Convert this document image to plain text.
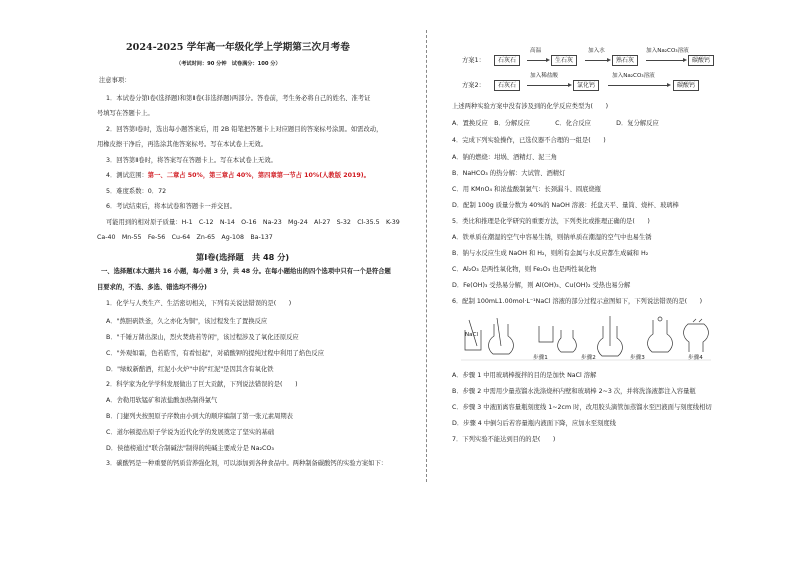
2024-2025 学年高一年级化学上学期第三次月考卷
（考试时间：90 分钟　试卷满分：100 分）
注意事项：
1．本试卷分第Ⅰ卷(选择题)和第Ⅱ卷(非选择题)两部分。答卷前，考生务必将自己的姓名、准考证
号填写在答题卡上。
2．回答第Ⅰ卷时，选出每小题答案后，用 2B 铅笔把答题卡上对应题目的答案标号涂黑。如需改动，
用橡皮擦干净后，再选涂其他答案标号。写在本试卷上无效。
3．回答第Ⅱ卷时，将答案写在答题卡上。写在本试卷上无效。
4．测试范围：第一、二章占 50%，第三章占 40%，第四章第一节占 10%(人教版 2019)。
5．难度系数：0．72
6．考试结束后，将本试卷和答题卡一并交回。
可能用到的相对原子质量：H-1　C-12　N-14　O-16　Na-23　Mg-24　Al-27　S-32　Cl-35.5　K-39
Ca-40　Mn-55　Fe-56　Cu-64　Zn-65　Ag-108　Ba-137
第Ⅰ卷(选择题　共 48 分)
一、选择题(本大题共 16 小题，每小题 3 分，共 48 分。在每小题给出的四个选项中只有一个是符合题
目要求的，不选、多选、错选均不得分)
1．化学与人类生产、生活密切相关，下列有关说法错误的是(　　)
A．"熬胆矾铁釜，久之亦化为铜"，该过程发生了置换反应
B．"千锤万凿出深山，烈火焚烧若等闲"，该过程涉及了氧化还原反应
C．"外观如霜，色若皓雪，有看恒起"，对硝酸钾的提纯过程中利用了焰色反应
D．"绿蚁新醅酒，红泥小火炉"中的"红泥"是因其含有氧化铁
2．科学家为化学学科发展做出了巨大贡献，下列说法错误的是(　　)
A．舍勒用软锰矿和浓盐酸加热制得氯气
B．门捷列夫按照原子序数由小到大的顺序编制了第一张元素周期表
C．道尔顿提出原子学说为近代化学的发展奠定了坚实的基础
D．侯德榜通过"联合制碱法"制得的纯碱主要成分是 Na₂CO₃
3．碳酸钙是一种重要的钙质营养强化剂，可以添加到各种食品中。两种制备碳酸钙的实验方案如下：
方案1：	石灰石
高温
生石灰
加入水
熟石灰
加入Na₂CO₃溶液
碳酸钙
方案2：	石灰石
加入稀盐酸
氯化钙
加入Na₂CO₃溶液
碳酸钙
上述两种实验方案中没有涉及到的化学反应类型为(　　)
A．置换反应　B．分解反应　　　　C．化合反应　　　　D．复分解反应
4．完成下列实验操作，已选仪器不合理的一组是(　　)
A．钠的燃烧：坩埚、酒精灯、泥三角
B．NaHCO₃ 的热分解：大试管、酒精灯
C．用 KMnO₄ 和浓盐酸制氯气：长颈漏斗、圆底烧瓶
D．配制 100g 质量分数为 40%的 NaOH 溶液：托盘天平、量筒、烧杯、玻璃棒
5．类比和推理是化学研究的重要方法，下列类比或推理正确的是(　　)
A．铁单质在潮湿的空气中容易生锈，则钠单质在潮湿的空气中也易生锈
B．钠与水反应生成 NaOH 和 H₂，则所有金属与水反应都生成碱和 H₂
C．Al₂O₃ 是两性氧化物，则 Fe₂O₃ 也是两性氧化物
D．Fe(OH)₃ 受热易分解，则 Al(OH)₃、Cu(OH)₂ 受热也易分解
6．配制 100mL1.00mol·L⁻¹NaCl 溶液的部分过程示意图如下，下列说法错误的是(　　)
NaCl
步骤1	步骤2	步骤3	步骤4
A．步骤 1 中用玻璃棒搅拌的目的是加快 NaCl 溶解
B．步骤 2 中需用少量蒸馏水洗涤烧杯内壁和玻璃棒 2~3 次，并将洗涤液都注入容量瓶
C．步骤 3 中液面离容量瓶刻度线 1~2cm 时，改用胶头滴管加蒸馏水至凹液面与刻度线相切
D．步骤 4 中倒匀后若容量瓶内液面下降，应加水至刻度线
7．下列实验不能达到目的的是(　　)
